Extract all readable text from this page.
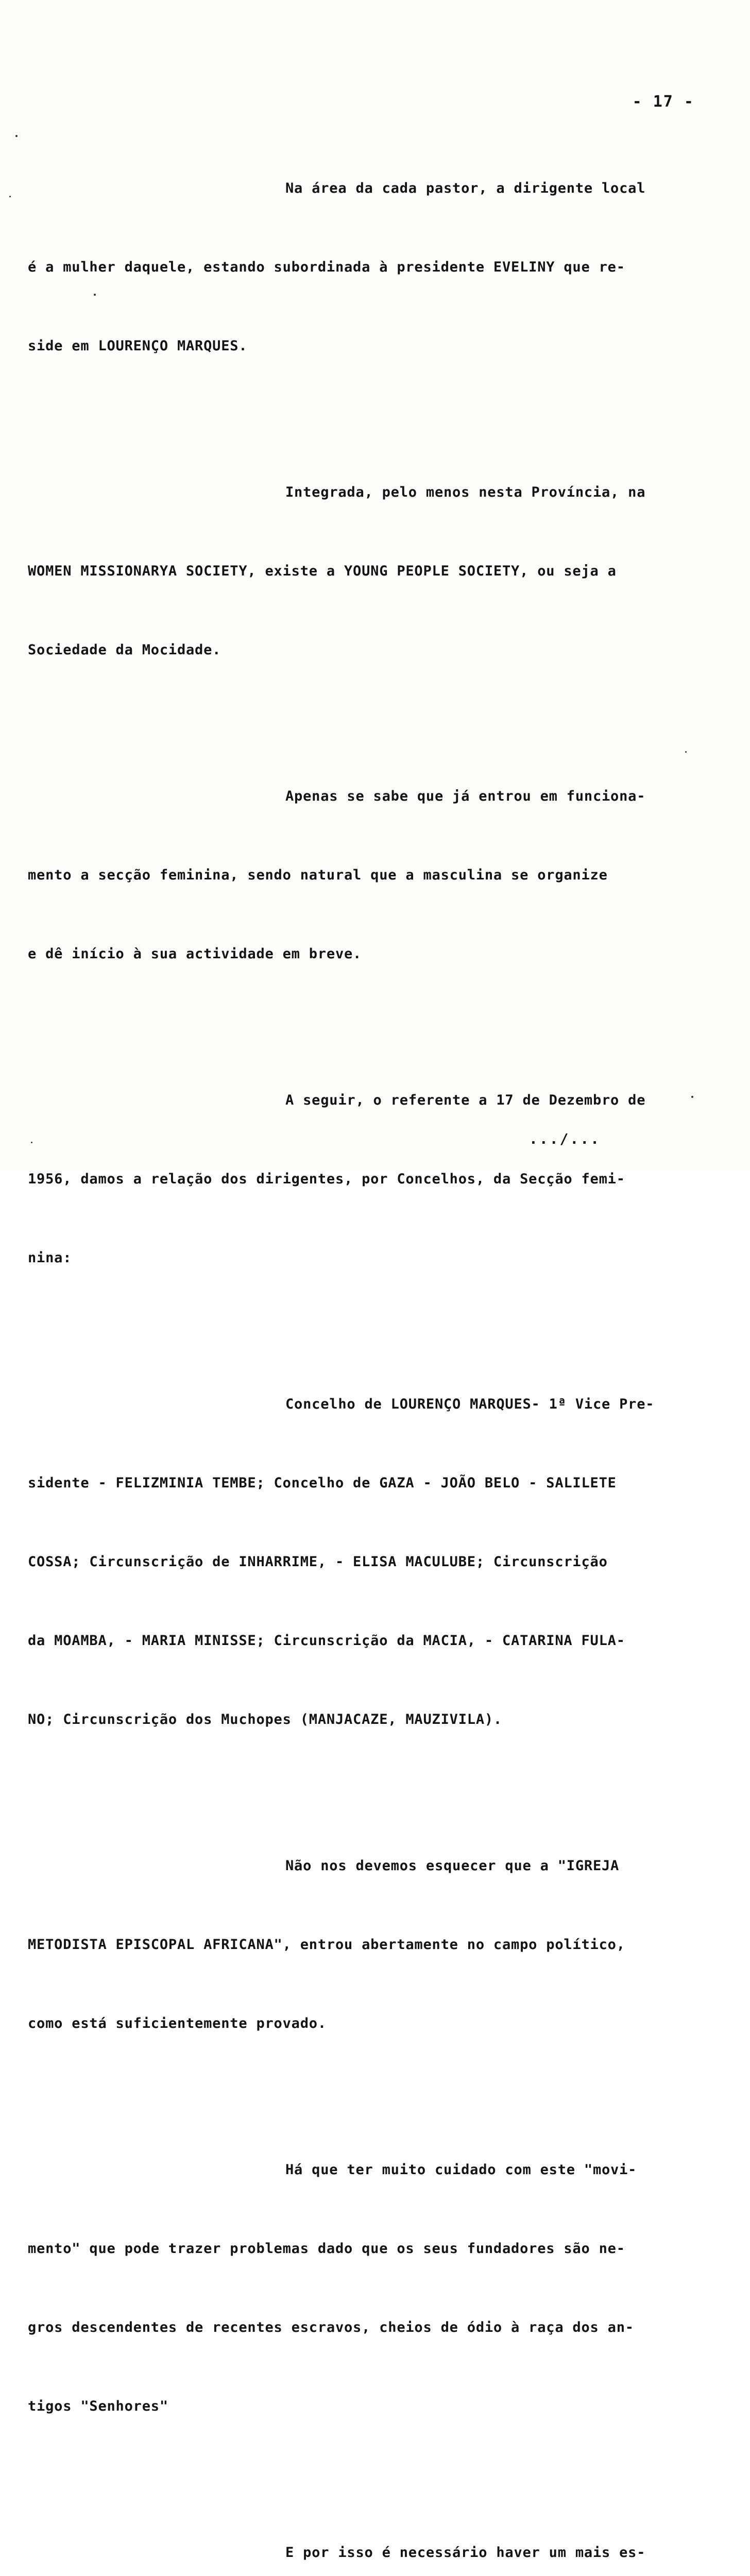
- 17 -

Na área da cada pastor, a dirigente local

é a mulher daquele, estando subordinada à presidente EVELINY que re-

side em LOURENÇO MARQUES.

Integrada, pelo menos nesta Província, na

WOMEN MISSIONARYA SOCIETY, existe a YOUNG PEOPLE SOCIETY, ou seja a

Sociedade da Mocidade.

Apenas se sabe que já entrou em funciona-

mento a secção feminina, sendo natural que a masculina se organize

e dê início à sua actividade em breve.

A seguir, o referente a 17 de Dezembro de

1956, damos a relação dos dirigentes, por Concelhos, da Secção femi-

nina:

Concelho de LOURENÇO MARQUES- 1ª Vice Pre-

sidente - FELIZMINIA TEMBE; Concelho de GAZA - JOÃO BELO - SALILETE

COSSA; Circunscrição de INHARRIME, - ELISA MACULUBE; Circunscrição

da MOAMBA, - MARIA MINISSE; Circunscrição da MACIA, - CATARINA FULA-

NO; Circunscrição dos Muchopes (MANJACAZE, MAUZIVILA).

Não nos devemos esquecer que a "IGREJA

METODISTA EPISCOPAL AFRICANA", entrou abertamente no campo político,

como está suficientemente provado.

Há que ter muito cuidado com este "movi-

mento" que pode trazer problemas dado que os seus fundadores são ne-

gros descendentes de recentes escravos, cheios de ódio à raça dos an-

tigos "Senhores"

E por isso é necessário haver um mais es-

.../...
